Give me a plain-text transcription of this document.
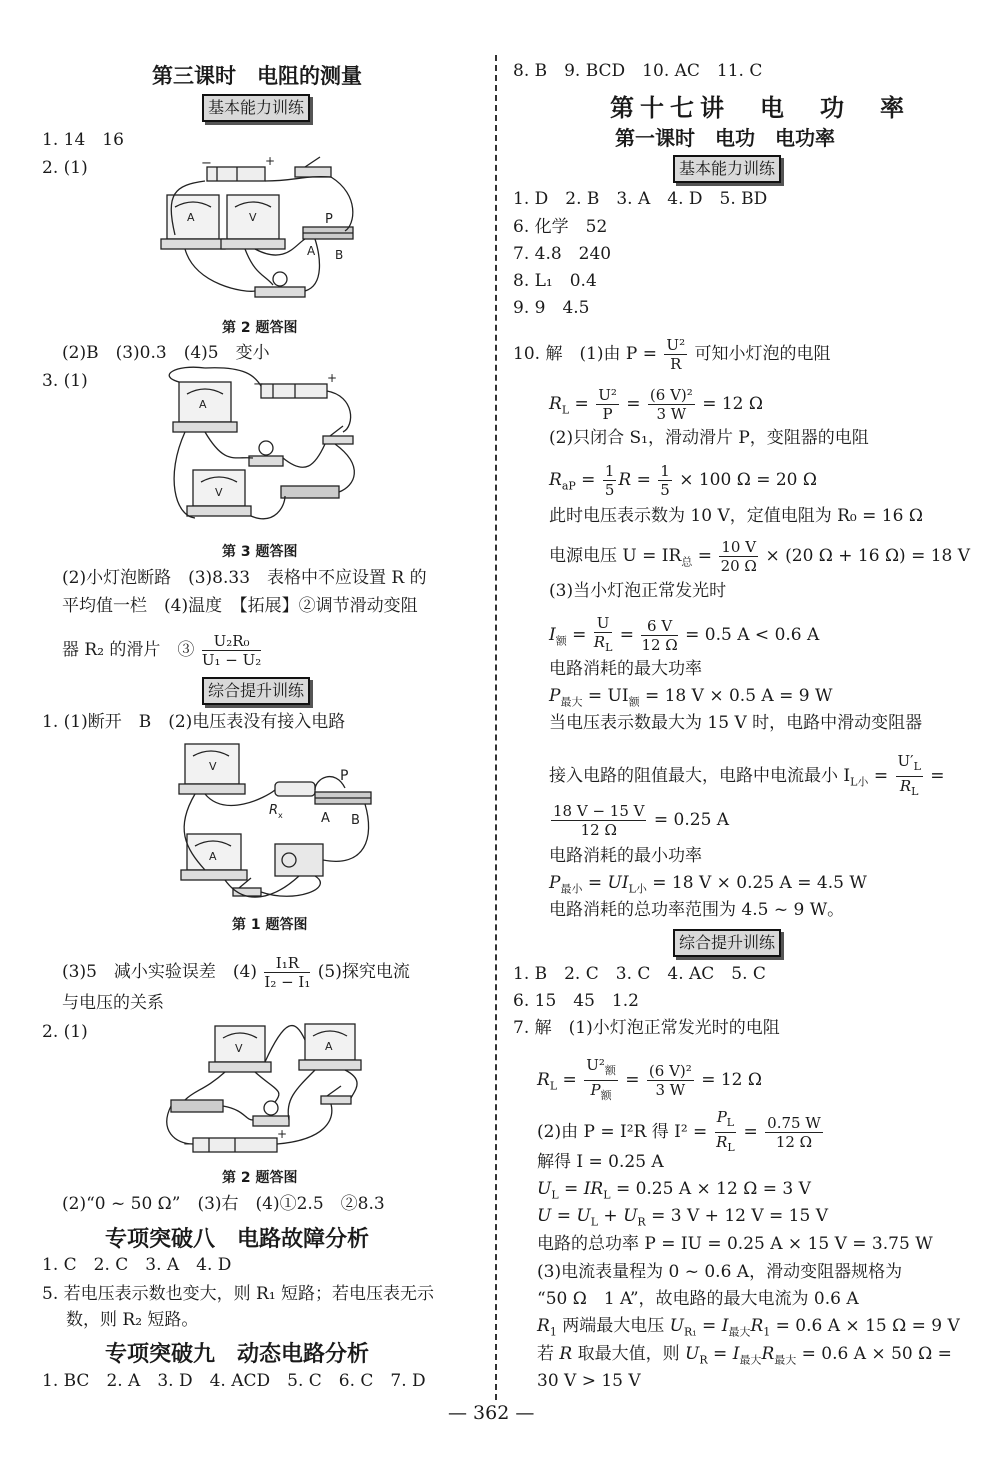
第三课时　电阻的测量
基本能力训练
1. 14　16
2. (1)
A	V	P
A B
−	+
第 2 题答图
(2)B　(3)0.3　(4)5　变小
3. (1)
A
V
−	+
第 3 题答图
(2)小灯泡断路　(3)8.33　表格中不应设置 R 的
平均值一栏　(4)温度　【拓展】②调节滑动变阻
器 R₂ 的滑片　③ $\frac{\text{U₂R₀}}{\text{U₁ − U₂}}$
综合提升训练
1. (1)断开　B　(2)电压表没有接入电路
V
A
R x
P
A B
第 1 题答图
(3)5　减小实验误差　$(4) \frac{\text{I₁R}}{\text{I₂ − I₁}} (5)$探究电流
与电压的关系
2. (1)
V	A
−
+
第 2 题答图
(2)“0 ~ 50 Ω”　(3)右　(4)①2.5　②8.3
专项突破八　电路故障分析
1. C　2. C　3. A　4. D
5. 若电压表示数也变大，则 R₁ 短路；若电压表无示
数，则 R₂ 短路。
专项突破九　动态电路分析
1. BC　2. A　3. D　4. ACD　5. C　6. C　7. D
8. B　9. BCD　10. AC　11. C
第十七讲　电　功　率
第一课时　电功　电功率
基本能力训练
1. D　2. B　3. A　4. D　5. BD
6. 化学　52
7. 4.8　240
8. L₁　0.4
9. 9　4.5
10. 解　(1)由 $P = \frac{\text{U²}}{R}$ 可知小灯泡的电阻
$R_L = \frac{\text{U²}}{P} = \frac{\text{(6 V)²}}{3 W} = 12$ Ω
(2)只闭合 S₁，滑动滑片 P，变阻器的电阻
$R_{aP} = \frac{1}{5}$ $R = \frac{1}{5} \times 100$ Ω = 20 Ω
此时电压表示数为 10 V，定值电阻为 R₀ = 16 Ω
电源电压 $U = IR_总 = \frac{10 V}{20 \Omega} \times (20$ Ω + 16 Ω) = 18 V
(3)当小灯泡正常发光时
$I_额 = \frac{U}{R_L} = \frac{6 V}{12 \Omega} = 0.5$ A < 0.6 A
电路消耗的最大功率
$P_{最大} = UI_额 = 18$ V × 0.5 A = 9 W
当电压表示数最大为 15 V 时，电路中滑动变阻器
接入电路的阻值最大，电路中电流最小 $I_{L小} = \frac{U'_L}{R_L}$ =
$\frac{18 V - 15 V}{12 \Omega} = 0.25$ A
电路消耗的最小功率
$P_{最小} = UI_{L小} = 18$ V × 0.25 A = 4.5 W
电路消耗的总功率范围为 4.5 ~ 9 W。
综合提升训练
1. B　2. C　3. C　4. AC　5. C
6. 15　45　1.2
7. 解　(1)小灯泡正常发光时的电阻
$R_L = \frac{U^2_额}{P_额} = \frac{\text{(6 V)²}}{3 W} = 12$ Ω
(2)由 P = I²R 得 $I^2 = \frac{P_L}{R_L} = \frac{0.75 W}{12 \Omega}$
解得 I = 0.25 A
$U_L = IR_L = 0.25$ A × 12 Ω = 3 V
$U = U_L + U_R = 3$ V + 12 V = 15 V
电路的总功率 P = IU = 0.25 A × 15 V = 3.75 W
(3)电流表量程为 0 ~ 0.6 A，滑动变阻器规格为
“50 Ω　1 A”，故电路的最大电流为 0.6 A
$R_1$ 两端最大电压 $U_{R_1} = I_{最大}R_1 = 0.6$ A × 15 Ω = 9 V
若 R 取最大值，则 $U_R = I_{最大}R_{最大} = 0.6$ A × 50 Ω =
30 V > 15 V
— 362 —
